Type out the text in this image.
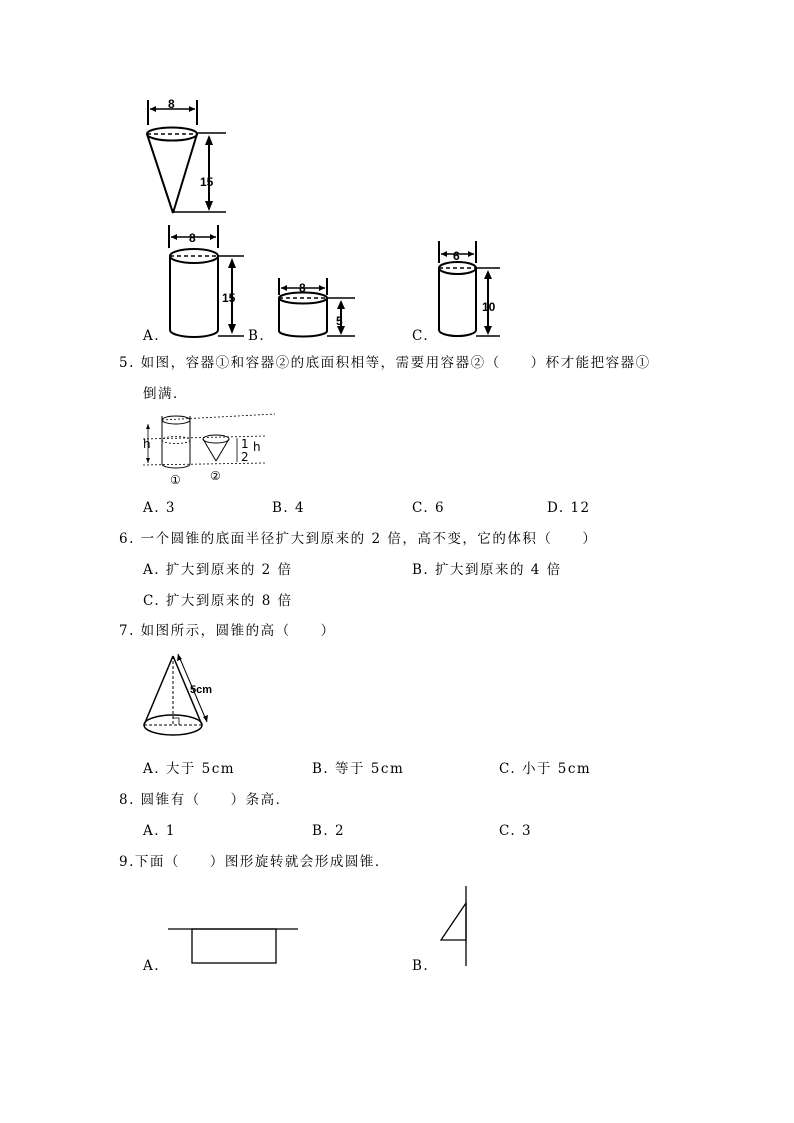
8
15
A.
8
15
B.
8
5
C.
6
10
5. 如图，容器①和容器②的底面积相等，需要用容器②（　　）杯才能把容器①
倒满．
h	1 h
2
① ②
A. 3	B. 4	C. 6	D. 12
6. 一个圆锥的底面半径扩大到原来的 2 倍，高不变，它的体积（　　）
A. 扩大到原来的 2 倍	B. 扩大到原来的 4 倍
C. 扩大到原来的 8 倍
7. 如图所示，圆锥的高（　　）
5cm
A. 大于 5cm	B. 等于 5cm	C. 小于 5cm
8. 圆锥有（　　）条高．
A. 1	B. 2	C. 3
9.下面（　　）图形旋转就会形成圆锥．
A.	B.
